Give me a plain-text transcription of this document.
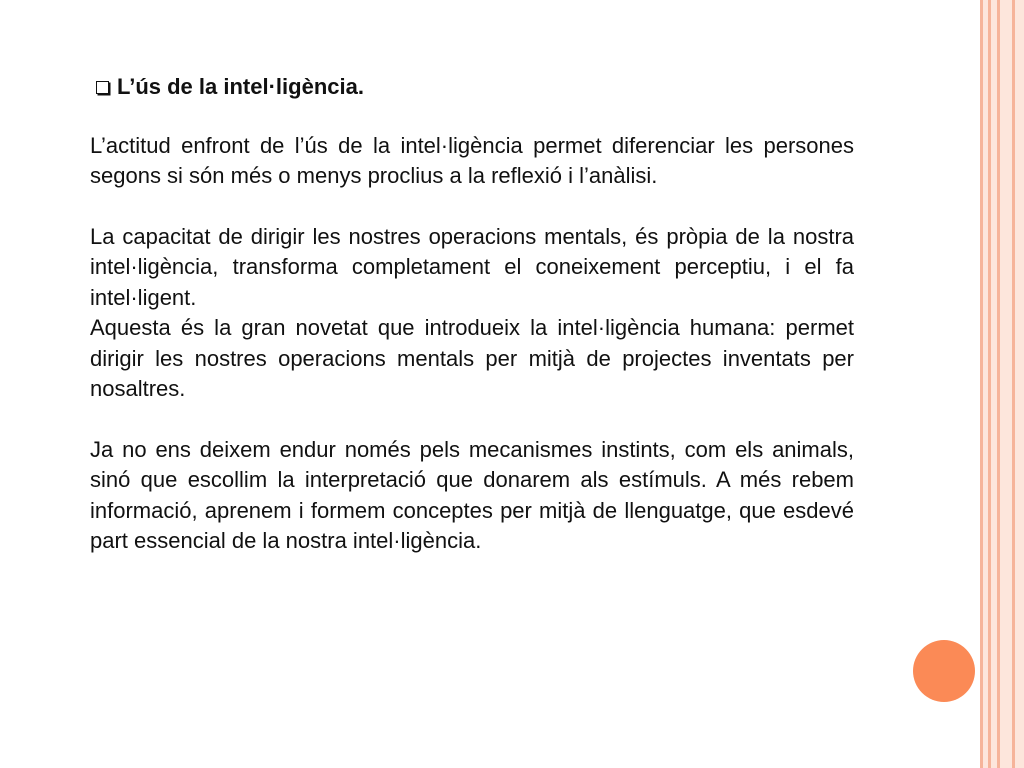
L’ús de la intel·ligència.

L’actitud enfront de l’ús de la intel·ligència permet diferenciar les persones segons si són més o menys proclius a la reflexió i l’anàlisi.

La capacitat de dirigir les nostres operacions mentals, és pròpia de la nostra intel·ligència, transforma completament el coneixement perceptiu, i el fa intel·ligent.

Aquesta és la gran novetat que introdueix la intel·ligència humana: permet dirigir les nostres operacions mentals per mitjà de projectes inventats per nosaltres.

Ja no ens deixem endur només pels mecanismes instints, com els animals, sinó que escollim la interpretació que donarem als estímuls. A més rebem informació, aprenem i formem conceptes per mitjà de llenguatge, que esdevé part essencial de la nostra intel·ligència.
